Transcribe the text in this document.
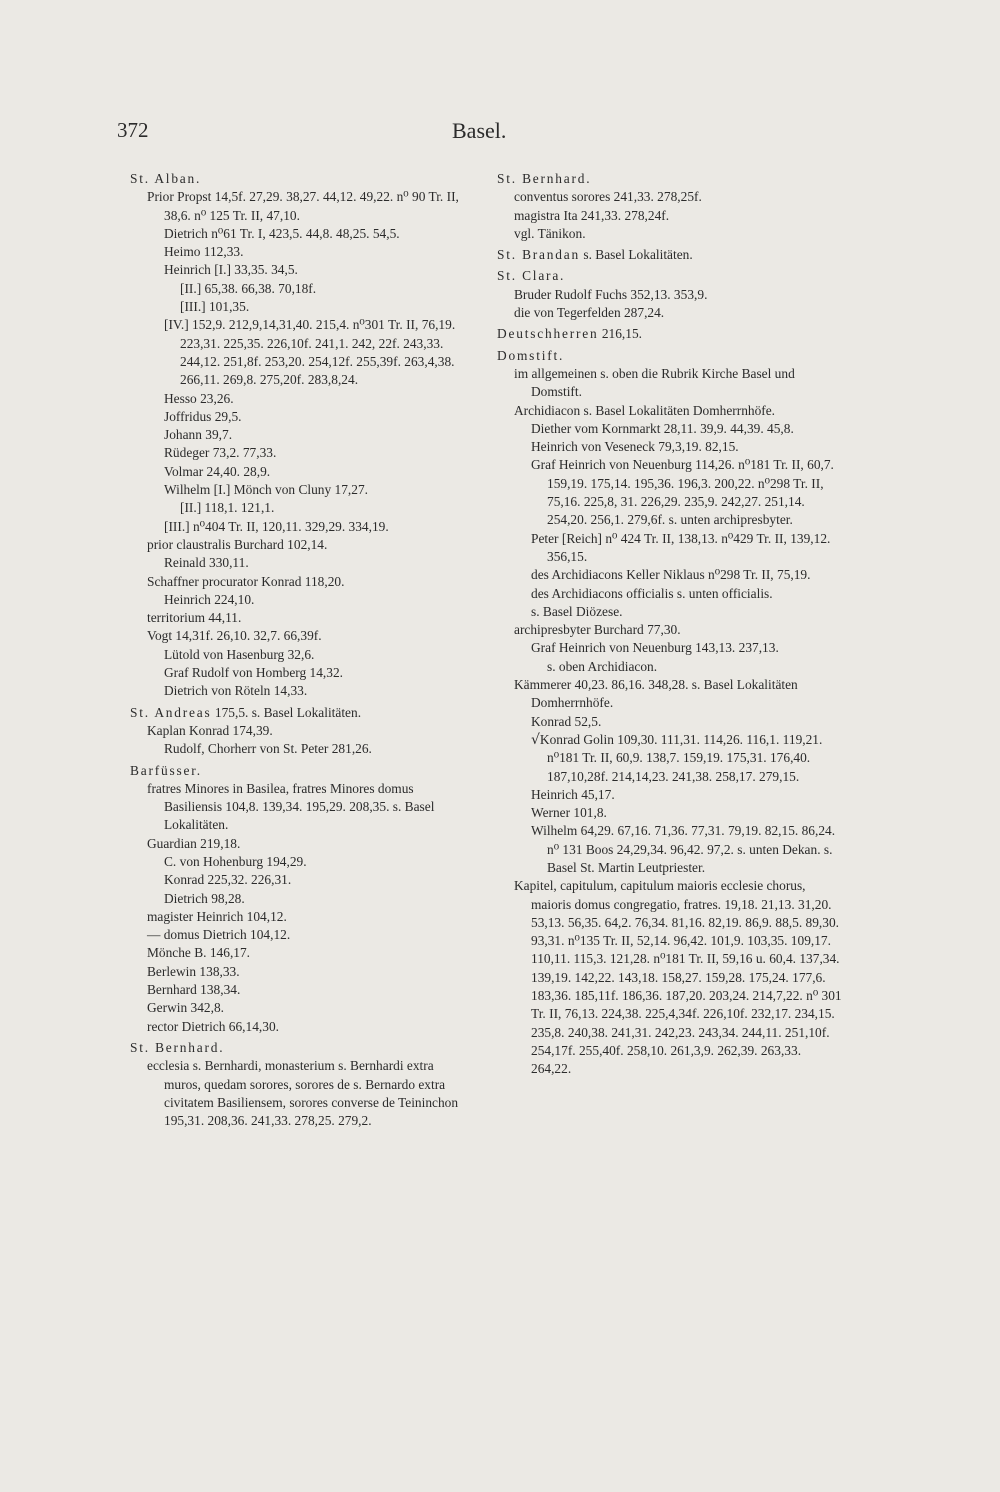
372	Basel.
St. Alban.
Prior Propst 14,5f. 27,29. 38,27. 44,12. 49,22. n⁰ 90 Tr. II, 38,6. n⁰ 125 Tr. II, 47,10.
Dietrich n⁰61 Tr. I, 423,5. 44,8. 48,25. 54,5.
Heimo 112,33.
Heinrich [I.] 33,35. 34,5.
[II.] 65,38. 66,38. 70,18f.
[III.] 101,35.
[IV.] 152,9. 212,9,14,31,40. 215,4. n⁰301 Tr. II, 76,19. 223,31. 225,35. 226,10f. 241,1. 242, 22f. 243,33. 244,12. 251,8f. 253,20. 254,12f. 255,39f. 263,4,38. 266,11. 269,8. 275,20f. 283,8,24.
Hesso 23,26.
Joffridus 29,5.
Johann 39,7.
Rüdeger 73,2. 77,33.
Volmar 24,40. 28,9.
Wilhelm [I.] Mönch von Cluny 17,27.
[II.] 118,1. 121,1.
[III.] n⁰404 Tr. II, 120,11. 329,29. 334,19.
prior claustralis Burchard 102,14.
Reinald 330,11.
Schaffner procurator Konrad 118,20.
Heinrich 224,10.
territorium 44,11.
Vogt 14,31f. 26,10. 32,7. 66,39f.
Lütold von Hasenburg 32,6.
Graf Rudolf von Homberg 14,32.
Dietrich von Röteln 14,33.
St. Andreas 175,5. s. Basel Lokalitäten.
Kaplan Konrad 174,39.
Rudolf, Chorherr von St. Peter 281,26.
Barfüsser.
fratres Minores in Basilea, fratres Minores domus Basiliensis 104,8. 139,34. 195,29. 208,35. s. Basel Lokalitäten.
Guardian 219,18.
C. von Hohenburg 194,29.
Konrad 225,32. 226,31.
Dietrich 98,28.
magister Heinrich 104,12.
— domus Dietrich 104,12.
Mönche B. 146,17.
Berlewin 138,33.
Bernhard 138,34.
Gerwin 342,8.
rector Dietrich 66,14,30.
St. Bernhard.
ecclesia s. Bernhardi, monasterium s. Bernhardi extra muros, quedam sorores, sorores de s. Bernardo extra civitatem Basiliensem, sorores converse de Teininchon 195,31. 208,36. 241,33. 278,25. 279,2.
St. Bernhard.
conventus sorores 241,33. 278,25f.
magistra Ita 241,33. 278,24f.
vgl. Tänikon.
St. Brandan s. Basel Lokalitäten.
St. Clara.
Bruder Rudolf Fuchs 352,13. 353,9.
die von Tegerfelden 287,24.
Deutschherren 216,15.
Domstift.
im allgemeinen s. oben die Rubrik Kirche Basel und Domstift.
Archidiacon s. Basel Lokalitäten Domherrnhöfe.
Diether vom Kornmarkt 28,11. 39,9. 44,39. 45,8.
Heinrich von Veseneck 79,3,19. 82,15.
Graf Heinrich von Neuenburg 114,26. n⁰181 Tr. II, 60,7. 159,19. 175,14. 195,36. 196,3. 200,22. n⁰298 Tr. II, 75,16. 225,8, 31. 226,29. 235,9. 242,27. 251,14. 254,20. 256,1. 279,6f. s. unten archipresbyter.
Peter [Reich] n⁰ 424 Tr. II, 138,13. n⁰429 Tr. II, 139,12. 356,15.
des Archidiacons Keller Niklaus n⁰298 Tr. II, 75,19.
des Archidiacons officialis s. unten officialis.
s. Basel Diözese.
archipresbyter Burchard 77,30.
Graf Heinrich von Neuenburg 143,13. 237,13.
s. oben Archidiacon.
Kämmerer 40,23. 86,16. 348,28. s. Basel Lokalitäten Domherrnhöfe.
Konrad 52,5.
√Konrad Golin 109,30. 111,31. 114,26. 116,1. 119,21. n⁰181 Tr. II, 60,9. 138,7. 159,19. 175,31. 176,40. 187,10,28f. 214,14,23. 241,38. 258,17. 279,15.
Heinrich 45,17.
Werner 101,8.
Wilhelm 64,29. 67,16. 71,36. 77,31. 79,19. 82,15. 86,24. n⁰ 131 Boos 24,29,34. 96,42. 97,2. s. unten Dekan. s. Basel St. Martin Leutpriester.
Kapitel, capitulum, capitulum maioris ecclesie chorus, maioris domus congregatio, fratres. 19,18. 21,13. 31,20. 53,13. 56,35. 64,2. 76,34. 81,16. 82,19. 86,9. 88,5. 89,30. 93,31. n⁰135 Tr. II, 52,14. 96,42. 101,9. 103,35. 109,17. 110,11. 115,3. 121,28. n⁰181 Tr. II, 59,16 u. 60,4. 137,34. 139,19. 142,22. 143,18. 158,27. 159,28. 175,24. 177,6. 183,36. 185,11f. 186,36. 187,20. 203,24. 214,7,22. n⁰ 301 Tr. II, 76,13. 224,38. 225,4,34f. 226,10f. 232,17. 234,15. 235,8. 240,38. 241,31. 242,23. 243,34. 244,11. 251,10f. 254,17f. 255,40f. 258,10. 261,3,9. 262,39. 263,33. 264,22.
